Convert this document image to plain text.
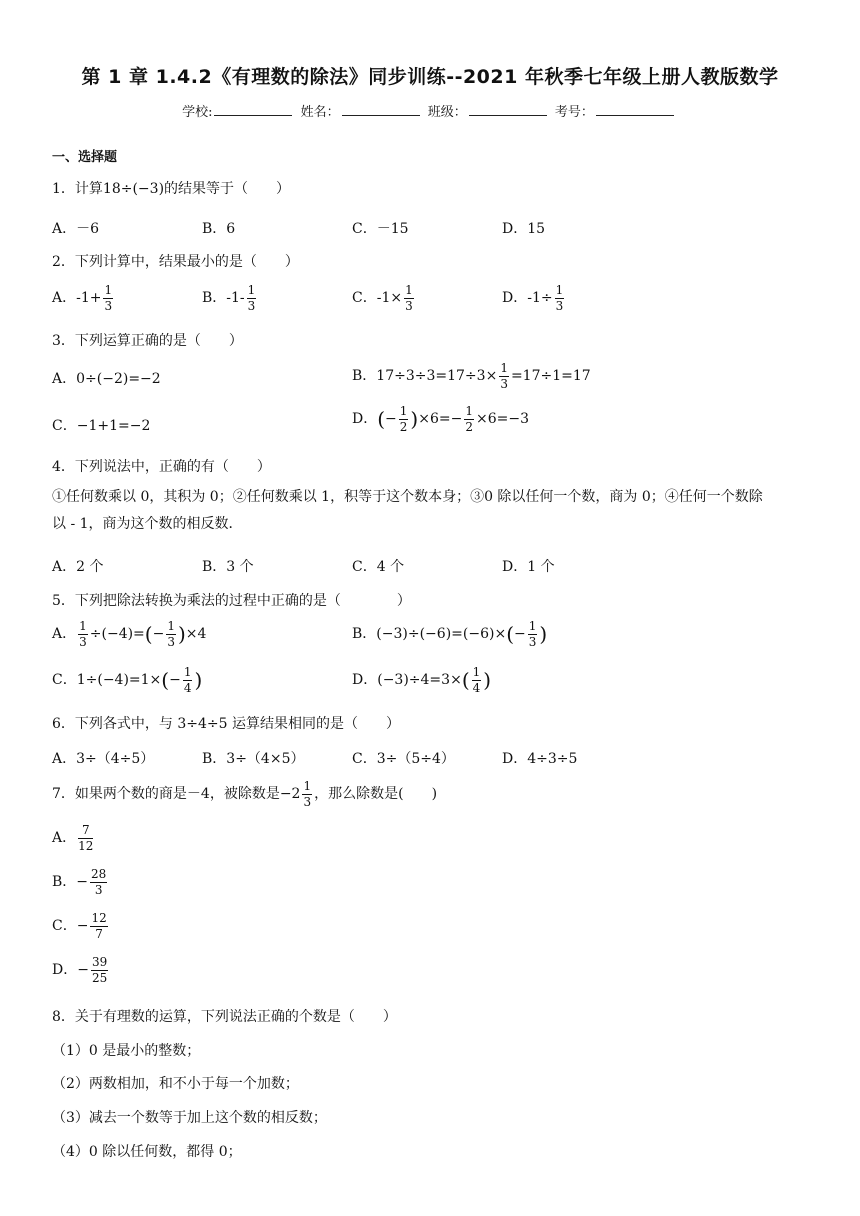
第 1 章 1.4.2《有理数的除法》同步训练--2021 年秋季七年级上册人教版数学
学校:	姓名：	班级：	考号：
一、选择题
1．计算18÷(−3)的结果等于（　　）
A．－6	B．6	C．－15	D．15
2．下列计算中，结果最小的是（　　）
A．$-1+ \frac{1}{3}$	B．$-1- \frac{1}{3}$	C．$-1\times \frac{1}{3}$	D．$-1\div \frac{1}{3}$
3．下列运算正确的是（　　）
A．0÷(−2)=−2	B．$17\div 3\div 3=17\div 3\times \frac{1}{3} =17\div 1=17$
C．−1+1=−2	D．(− $\frac{1}{2} )\times 6=- \frac{1}{2} \times 6=-3$
4．下列说法中，正确的有（　　）
①任何数乘以 0，其积为 0；②任何数乘以 1，积等于这个数本身；③0 除以任何一个数，商为 0；④任何一个数除
以 - 1，商为这个数的相反数．
A．2 个	B．3 个	C．4 个	D．1 个
5．下列把除法转换为乘法的过程中正确的是（　　　　）
A． $\frac{1}{3} \div(-4)=(- \frac{1}{3} )\times 4$	B．$(-3)\div(-6)=(-6)\times(- \frac{1}{3}$ )
C．$1\div(-4)=1\times(- \frac{1}{4}$ )	D．$(-3)\div 4=3\times( \frac{1}{4}$ )
6．下列各式中，与 3÷4÷5 运算结果相同的是（　　）
A．3÷（4÷5）	B．3÷（4×5）	C．3÷（5÷4）	D．4÷3÷5
7．如果两个数的商是－4，被除数是$-2 \frac{1}{3}$ ，那么除数是(　　)
A． $\frac{7}{12}$
B．− $\frac{28}{3}$
C．− $\frac{12}{7}$
D．− $\frac{39}{25}$
8．关于有理数的运算，下列说法正确的个数是（　　）
（1）0 是最小的整数；
（2）两数相加，和不小于每一个加数；
（3）减去一个数等于加上这个数的相反数；
（4）0 除以任何数，都得 0；
